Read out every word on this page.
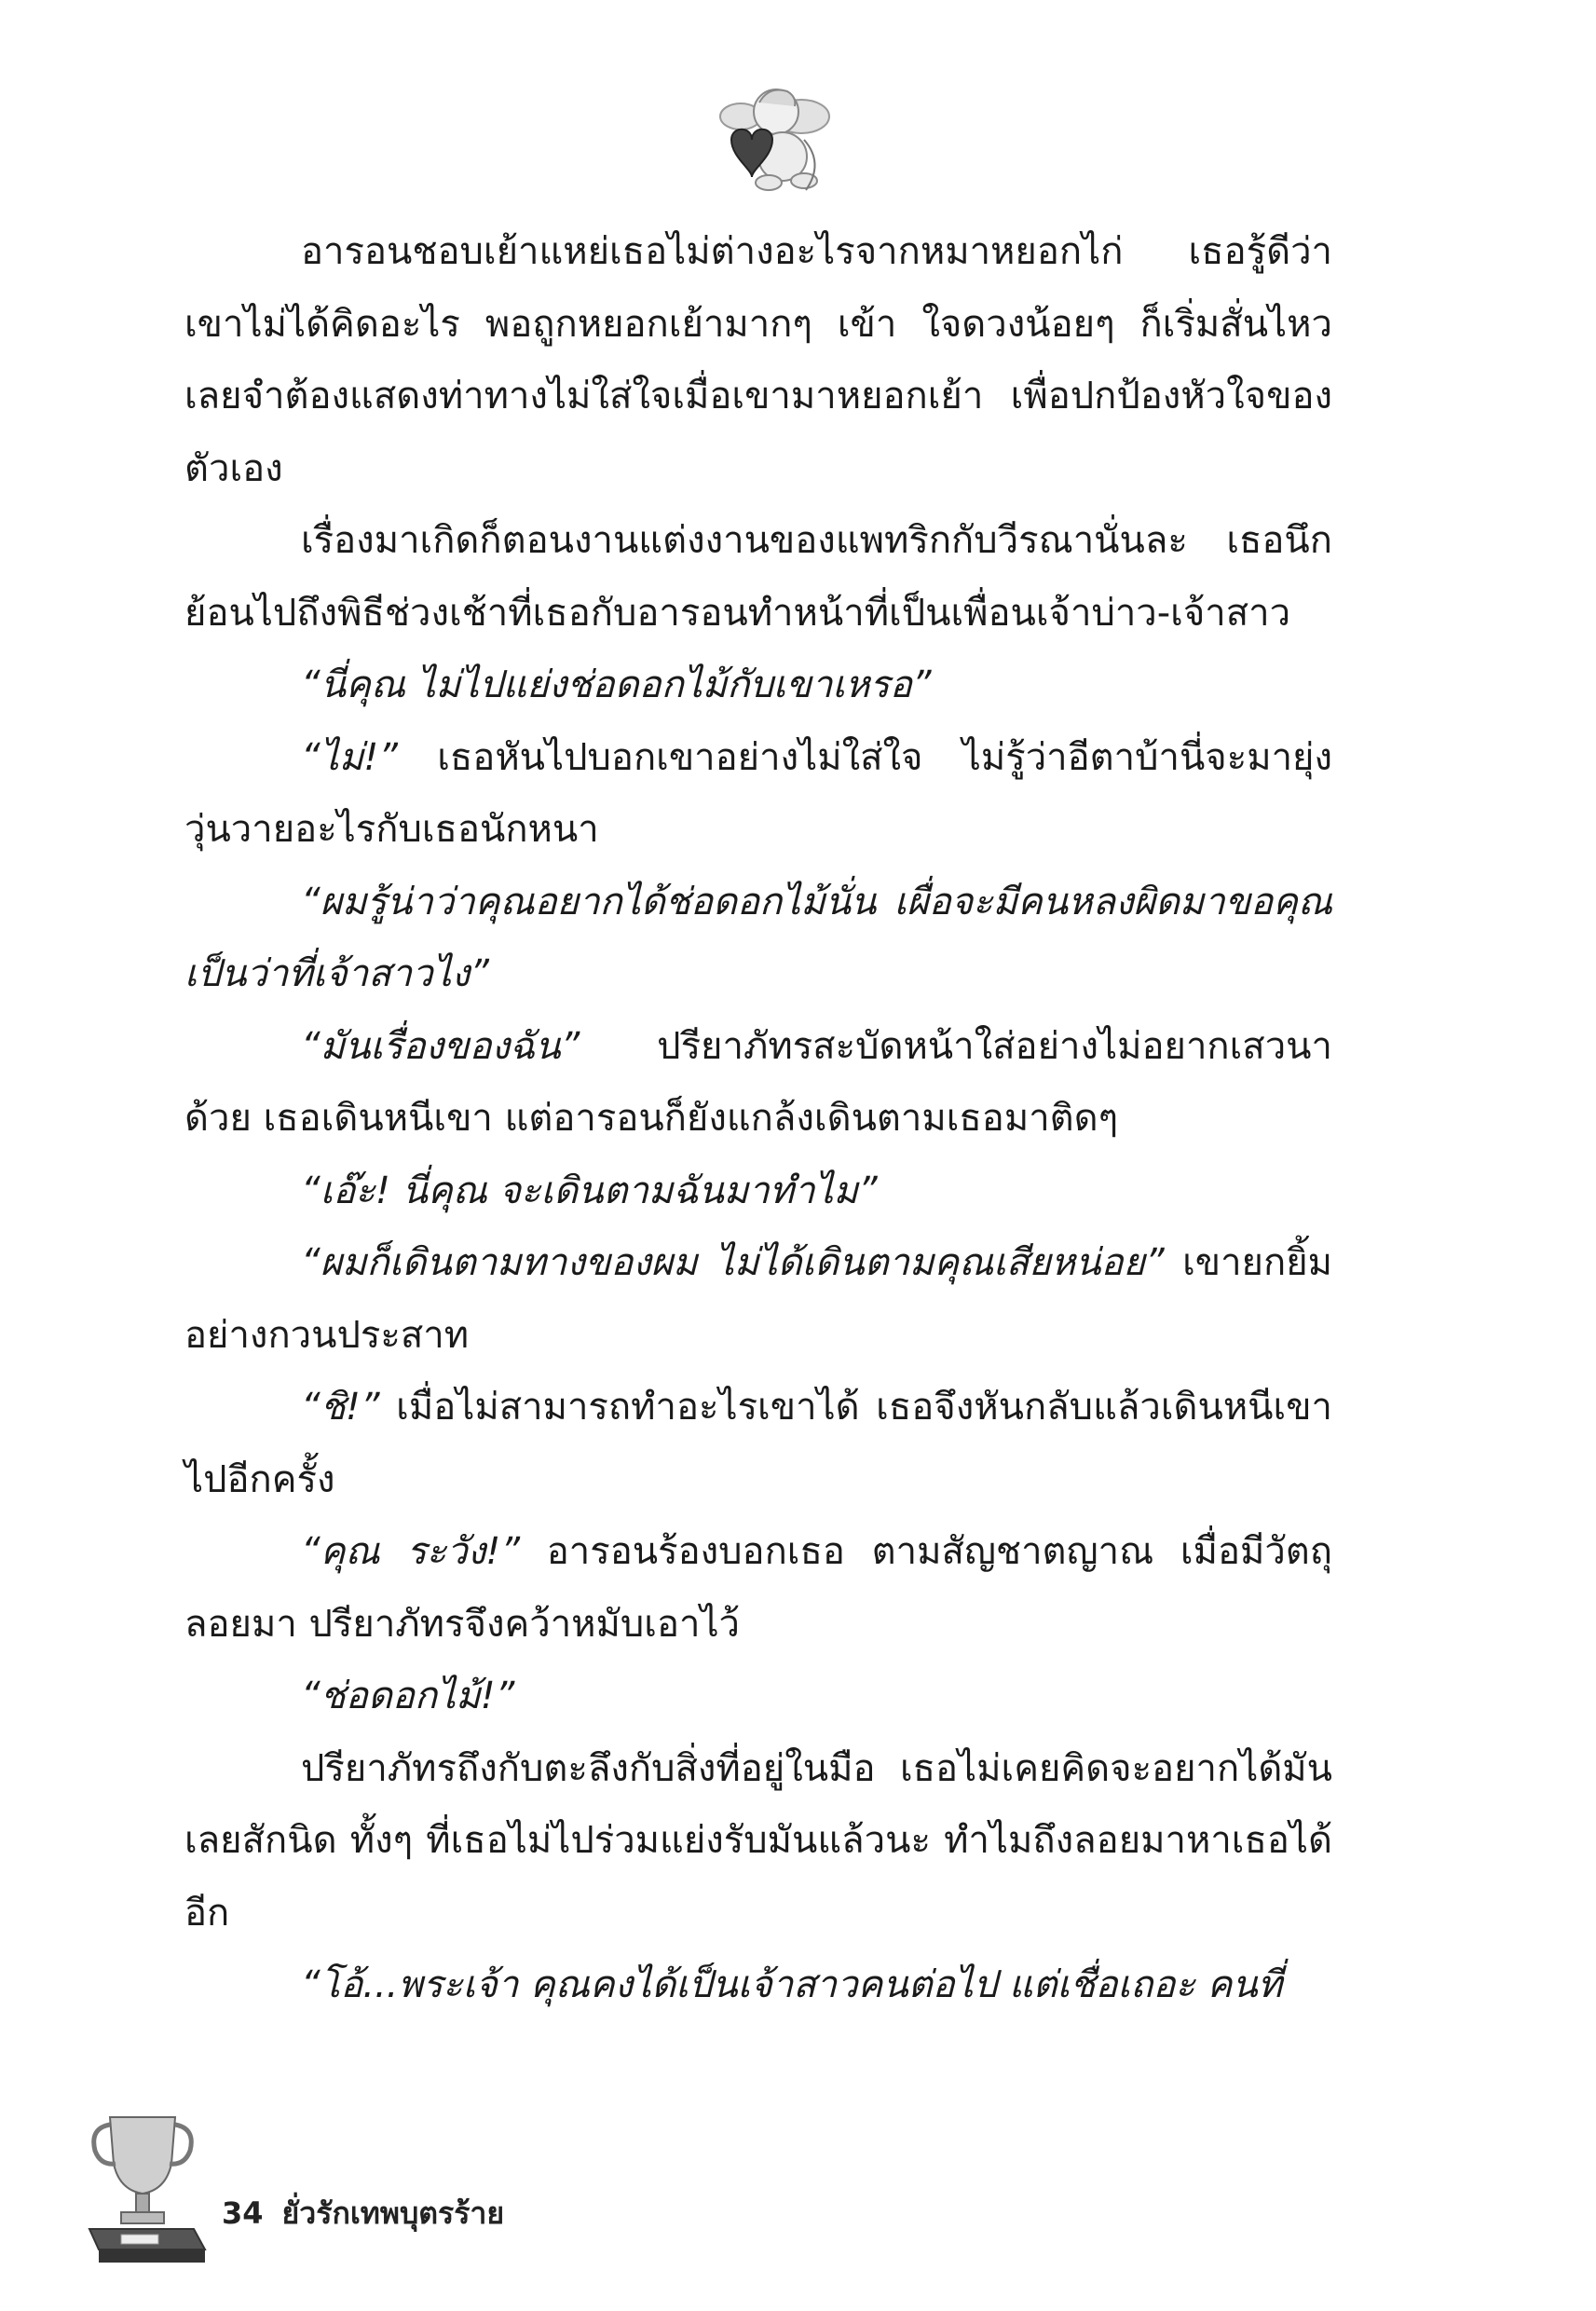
อารอนชอบเย้าแหย่เธอไม่ต่างอะไรจากหมาหยอกไก่ เธอรู้ดีว่าเขาไม่ได้คิดอะไร พอถูกหยอกเย้ามากๆ เข้า ใจดวงน้อยๆ ก็เริ่มสั่นไหว เลยจำต้องแสดงท่าทางไม่ใส่ใจเมื่อเขามาหยอกเย้า เพื่อปกป้องหัวใจของตัวเอง

เรื่องมาเกิดก็ตอนงานแต่งงานของแพทริกกับวีรณานั่นละ เธอนึกย้อนไปถึงพิธีช่วงเช้าที่เธอกับอารอนทำหน้าที่เป็นเพื่อนเจ้าบ่าว-เจ้าสาว

“นี่คุณ ไม่ไปแย่งช่อดอกไม้กับเขาเหรอ”

“ไม่!” เธอหันไปบอกเขาอย่างไม่ใส่ใจ ไม่รู้ว่าอีตาบ้านี่จะมายุ่งวุ่นวายอะไรกับเธอนักหนา

“ผมรู้น่าว่าคุณอยากได้ช่อดอกไม้นั่น เผื่อจะมีคนหลงผิดมาขอคุณเป็นว่าที่เจ้าสาวไง”

“มันเรื่องของฉัน” ปรียาภัทรสะบัดหน้าใส่อย่างไม่อยากเสวนาด้วย เธอเดินหนีเขา แต่อารอนก็ยังแกล้งเดินตามเธอมาติดๆ

“เอ๊ะ! นี่คุณ จะเดินตามฉันมาทำไม”

“ผมก็เดินตามทางของผม ไม่ได้เดินตามคุณเสียหน่อย” เขายกยิ้มอย่างกวนประสาท

“ชิ!” เมื่อไม่สามารถทำอะไรเขาได้ เธอจึงหันกลับแล้วเดินหนีเขาไปอีกครั้ง

“คุณ ระวัง!” อารอนร้องบอกเธอ ตามสัญชาตญาณ เมื่อมีวัตถุลอยมา ปรียาภัทรจึงคว้าหมับเอาไว้

“ช่อดอกไม้!”

ปรียาภัทรถึงกับตะลึงกับสิ่งที่อยู่ในมือ เธอไม่เคยคิดจะอยากได้มันเลยสักนิด ทั้งๆ ที่เธอไม่ไปร่วมแย่งรับมันแล้วนะ ทำไมถึงลอยมาหาเธอได้อีก

“โอ้...พระเจ้า คุณคงได้เป็นเจ้าสาวคนต่อไป แต่เชื่อเถอะ คนที่

34 ยั่วรักเทพบุตรร้าย
